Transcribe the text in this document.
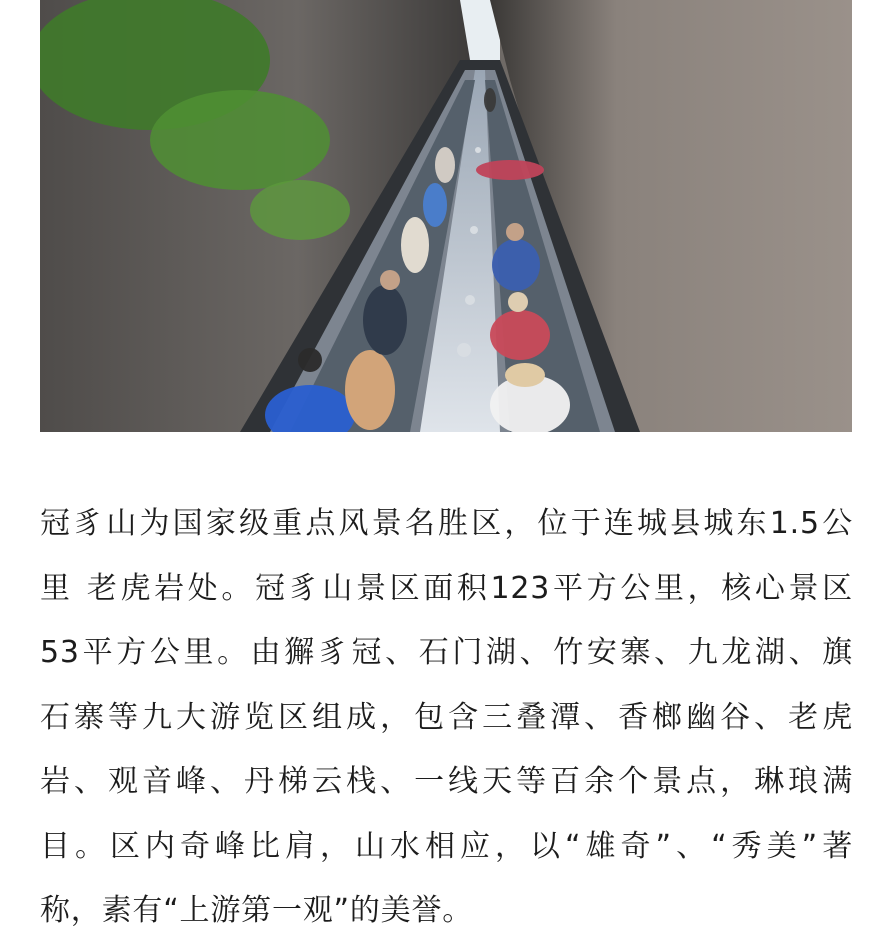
冠豸山为国家级重点风景名胜区，位于连城县城东1.5公
里 老虎岩处。冠豸山景区面积123平方公里，核心景区
53平方公里。由獬豸冠、石门湖、竹安寨、九龙湖、旗
石寨等九大游览区组成，包含三叠潭、香榔幽谷、老虎
岩、观音峰、丹梯云栈、一线天等百余个景点，琳琅满
目。区内奇峰比肩，山水相应，以“雄奇”、“秀美”著
称，素有“上游第一观”的美誉。
